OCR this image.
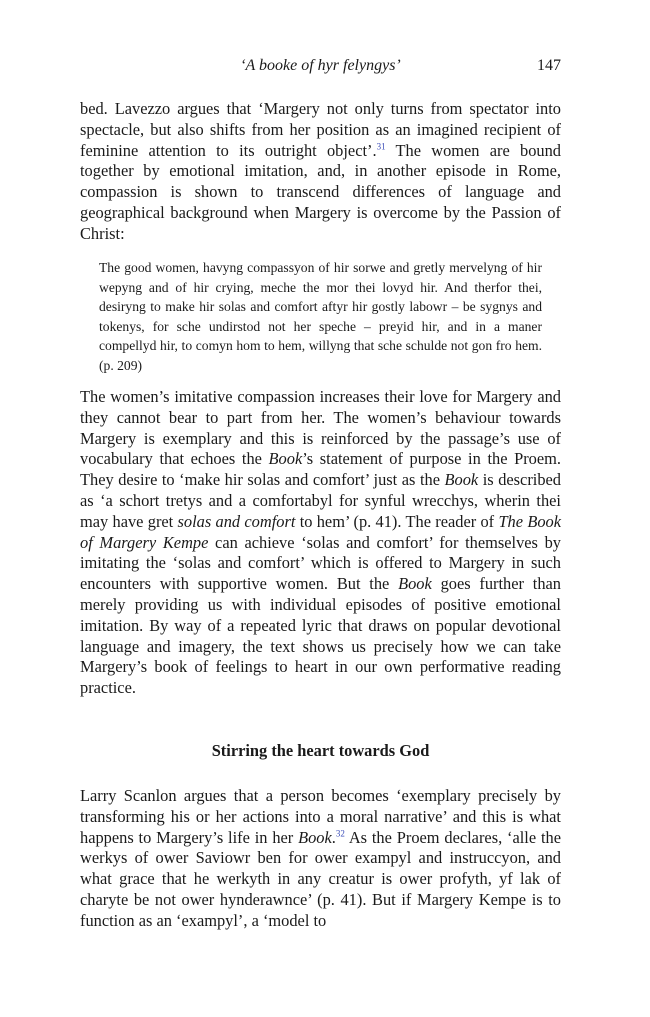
‘A booke of hyr felyngys’	147

bed. Lavezzo argues that ‘Margery not only turns from spectator into spectacle, but also shifts from her position as an imagined recipient of feminine attention to its outright object’.$^{31}$ The women are bound together by emotional imitation, and, in another episode in Rome, compassion is shown to transcend differences of language and geographical background when Margery is overcome by the Passion of Christ:

The good women, havyng compassyon of hir sorwe and gretly mervelyng of hir wepyng and of hir crying, meche the mor thei lovyd hir. And therfor thei, desiryng to make hir solas and comfort aftyr hir gostly labowr – be sygnys and tokenys, for sche undirstod not her speche – preyid hir, and in a maner compellyd hir, to comyn hom to hem, willyng that sche schulde not gon fro hem. (p. 209)

The women’s imitative compassion increases their love for Margery and they cannot bear to part from her. The women’s behaviour towards Margery is exemplary and this is reinforced by the passage’s use of vocabulary that echoes the Book’s statement of purpose in the Proem. They desire to ‘make hir solas and comfort’ just as the Book is described as ‘a schort tretys and a comfortabyl for synful wrecchys, wherin thei may have gret solas and comfort to hem’ (p. 41). The reader of The Book of Margery Kempe can achieve ‘solas and comfort’ for themselves by imitating the ‘solas and comfort’ which is offered to Margery in such encounters with supportive women. But the Book goes further than merely providing us with individual episodes of positive emotional imitation. By way of a repeated lyric that draws on popular devotional language and imagery, the text shows us precisely how we can take Margery’s book of feelings to heart in our own performative reading practice.

Stirring the heart towards God

Larry Scanlon argues that a person becomes ‘exemplary precisely by transforming his or her actions into a moral narrative’ and this is what happens to Margery’s life in her Book.$^{32}$ As the Proem declares, ‘alle the werkys of ower Saviowr ben for ower exampyl and instruccyon, and what grace that he werkyth in any creatur is ower profyth, yf lak of charyte be not ower hynderawnce’ (p. 41). But if Margery Kempe is to function as an ‘exampyl’, a ‘model to
